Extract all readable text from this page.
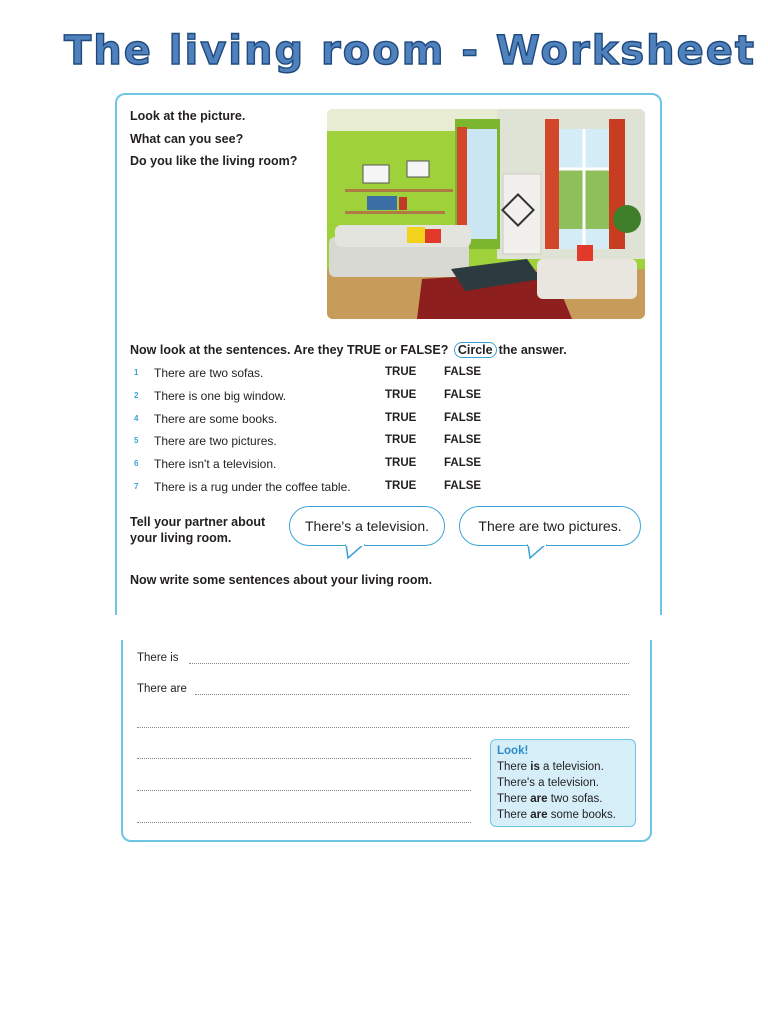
The living room - Worksheet
Look at the picture.
What can you see?
Do you like the living room?
Now look at the sentences. Are they TRUE or FALSE? Circle the answer.
1 There are two sofas.	TRUE FALSE
2 There is one big window.	TRUE FALSE
4 There are some books.	TRUE FALSE
5 There are two pictures.	TRUE FALSE
6 There isn't a television.	TRUE FALSE
7 There is a rug under the coffee table.	TRUE FALSE
Tell your partner about your living room.
There's a television.	There are two pictures.
Now write some sentences about your living room.
There is
There are
Look!
There is a television.
There's a television.
There are two sofas.
There are some books.
